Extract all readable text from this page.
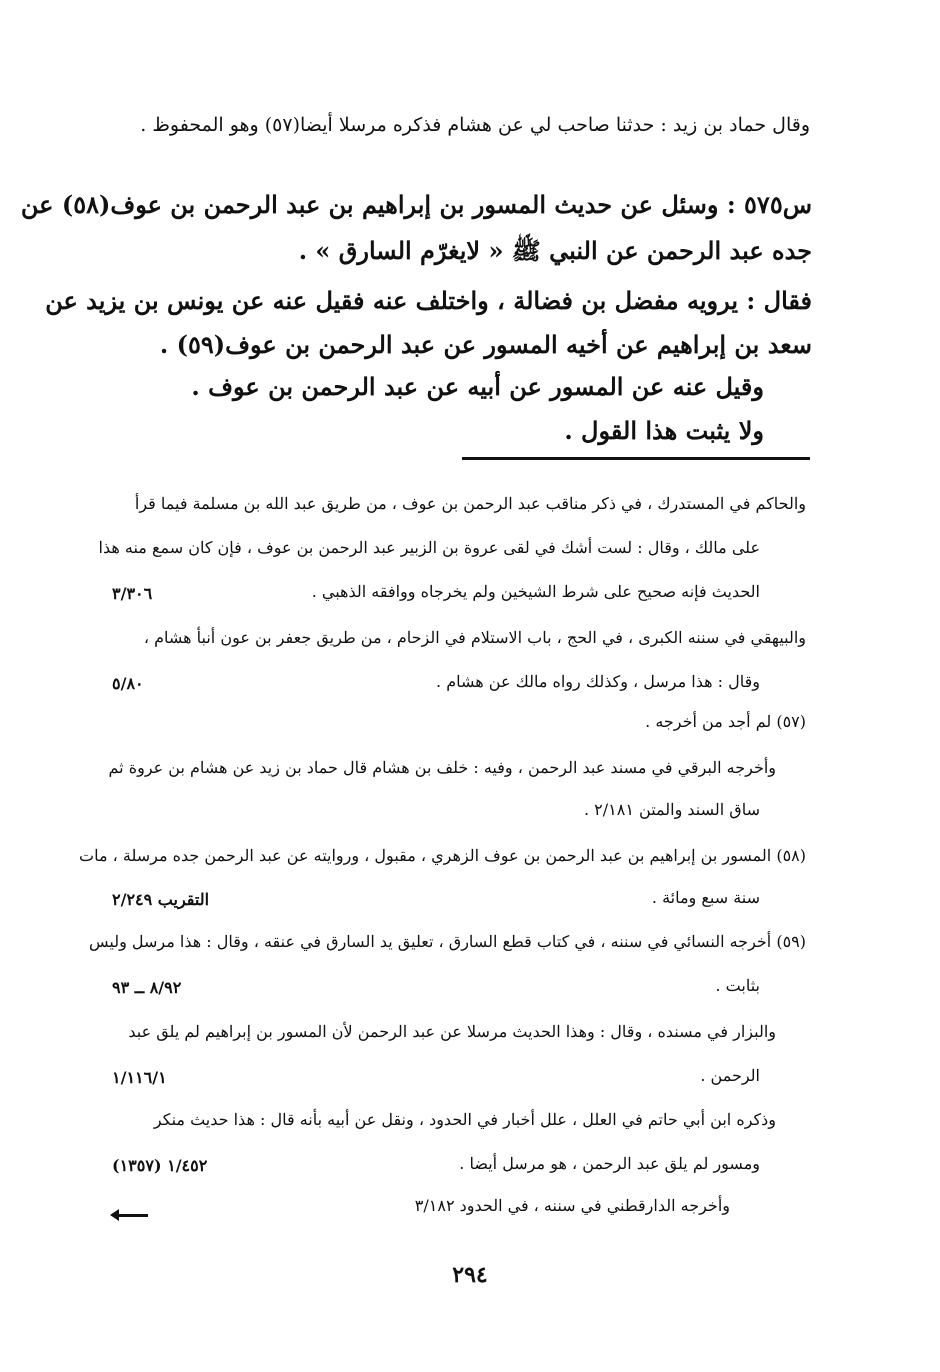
وقال حماد بن زيد : حدثنا صاحب لي عن هشام فذكره مرسلا أيضا(٥٧) وهو المحفوظ .
س٥٧٥ : وسئل عن حديث المسور بن إبراهيم بن عبد الرحمن بن عوف(٥٨) عن
جده عبد الرحمن عن النبي ﷺ « لايغرّم السارق » .
فقال : يرويه مفضل بن فضالة ، واختلف عنه فقيل عنه عن يونس بن يزيد عن
سعد بن إبراهيم عن أخيه المسور عن عبد الرحمن بن عوف(٥٩) .
وقيل عنه عن المسور عن أبيه عن عبد الرحمن بن عوف .
ولا يثبت هذا القول .
والحاكم في المستدرك ، في ذكر مناقب عبد الرحمن بن عوف ، من طريق عبد الله بن مسلمة فيما قرأ
على مالك ، وقال : لست أشك في لقى عروة بن الزبير عبد الرحمن بن عوف ، فإن كان سمع منه هذا
الحديث فإنه صحيح على شرط الشيخين ولم يخرجاه ووافقه الذهبي .
والبيهقي في سننه الكبرى ، في الحج ، باب الاستلام في الزحام ، من طريق جعفر بن عون أنبأ هشام ،
وقال : هذا مرسل ، وكذلك رواه مالك عن هشام .
(٥٧) لم أجد من أخرجه .
وأخرجه البرقي في مسند عبد الرحمن ، وفيه : خلف بن هشام قال حماد بن زيد عن هشام بن عروة ثم
ساق السند والمتن ٢/١٨١ .
(٥٨) المسور بن إبراهيم بن عبد الرحمن بن عوف الزهري ، مقبول ، وروايته عن عبد الرحمن جده مرسلة ، مات
سنة سبع ومائة .
(٥٩) أخرجه النسائي في سننه ، في كتاب قطع السارق ، تعليق يد السارق في عنقه ، وقال : هذا مرسل وليس
بثابت .
والبزار في مسنده ، وقال : وهذا الحديث مرسلا عن عبد الرحمن لأن المسور بن إبراهيم لم يلق عبد
الرحمن .
وذكره ابن أبي حاتم في العلل ، علل أخبار في الحدود ، ونقل عن أبيه بأنه قال : هذا حديث منكر
ومسور لم يلق عبد الرحمن ، هو مرسل أيضا .
وأخرجه الدارقطني في سننه ، في الحدود ٣/١٨٢
٣/٣٠٦
٥/٨٠
التقريب ٢/٢٤٩
٨/٩٢ ــ ٩٣
١/١١٦/١
١/٤٥٢ (١٣٥٧)
٢٩٤
